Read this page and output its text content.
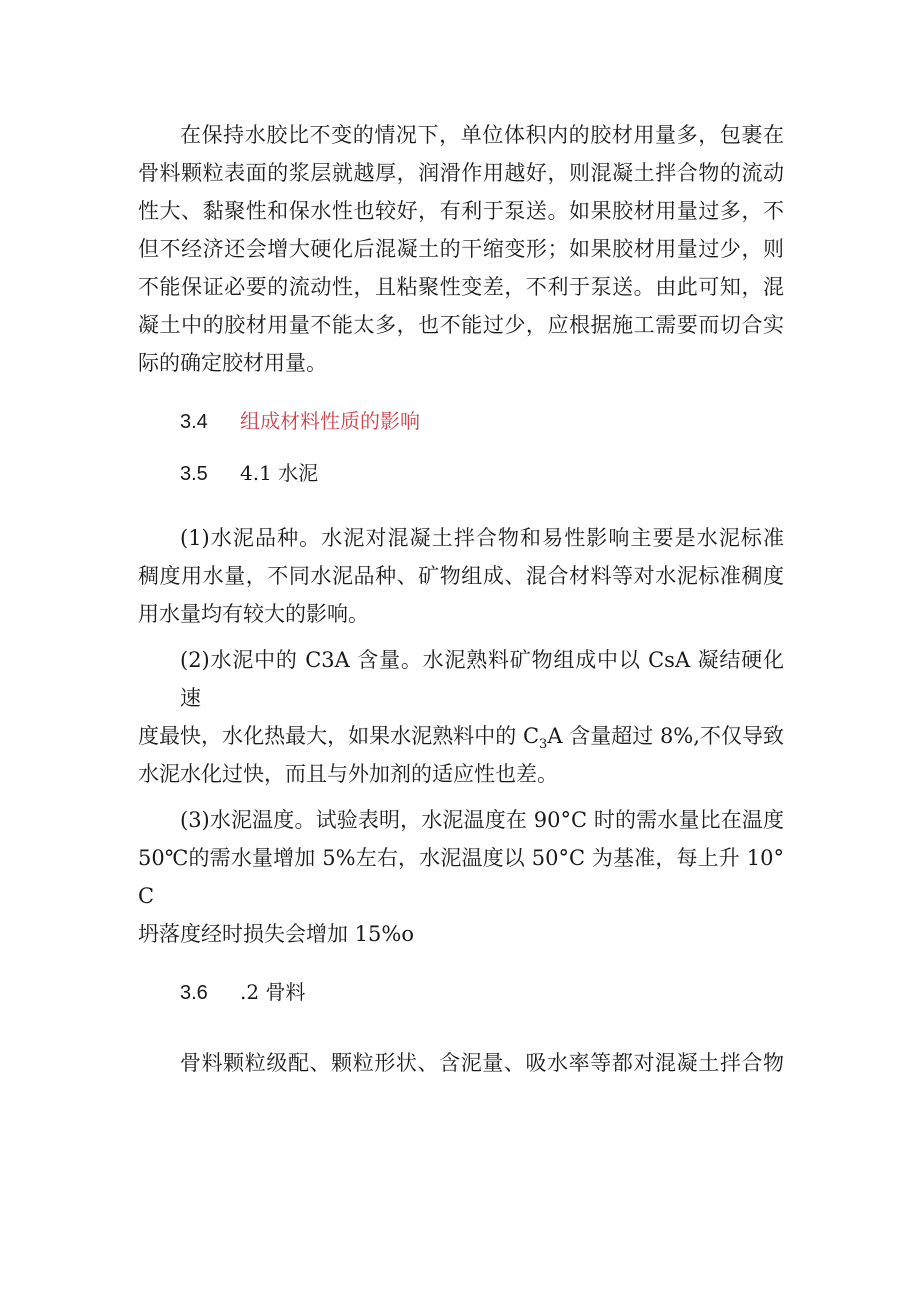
在保持水胶比不变的情况下，单位体积内的胶材用量多，包裹在
骨料颗粒表面的浆层就越厚，润滑作用越好，则混凝土拌合物的流动
性大、黏聚性和保水性也较好，有利于泵送。如果胶材用量过多，不
但不经济还会增大硬化后混凝土的干缩变形；如果胶材用量过少，则
不能保证必要的流动性，且粘聚性变差，不利于泵送。由此可知，混
凝土中的胶材用量不能太多，也不能过少，应根据施工需要而切合实
际的确定胶材用量。

3.4 组成材料性质的影响

3.5 4.1 水泥

(1)水泥品种。水泥对混凝土拌合物和易性影响主要是水泥标准
稠度用水量，不同水泥品种、矿物组成、混合材料等对水泥标准稠度
用水量均有较大的影响。

(2)水泥中的 C3A 含量。水泥熟料矿物组成中以 CsA 凝结硬化速
度最快，水化热最大，如果水泥熟料中的 $C_3A$ 含量超过 8%,不仅导致
水泥水化过快，而且与外加剂的适应性也差。

(3)水泥温度。试验表明，水泥温度在 90°C 时的需水量比在温度
50℃的需水量增加 5%左右，水泥温度以 50°C 为基准，每上升 10°C
坍落度经时损失会增加 15%o

3.6 .2 骨料

骨料颗粒级配、颗粒形状、含泥量、吸水率等都对混凝土拌合物
